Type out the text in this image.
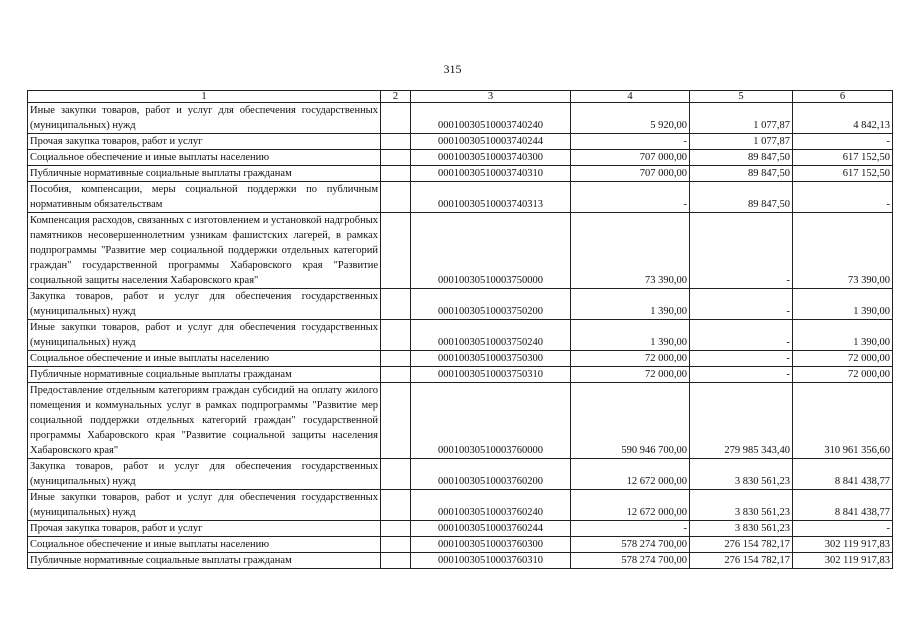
315
1	2	3	4	5	6
Иные закупки товаров, работ и услуг для обеспечения государственных (муниципальных) нужд		00010030510003740240	5 920,00	1 077,87	4 842,13
Прочая закупка товаров, работ и услуг		00010030510003740244	-	1 077,87	-
Социальное обеспечение и иные выплаты населению		00010030510003740300	707 000,00	89 847,50	617 152,50
Публичные нормативные социальные выплаты гражданам		00010030510003740310	707 000,00	89 847,50	617 152,50
Пособия, компенсации, меры социальной поддержки по публичным нормативным обязательствам		00010030510003740313	-	89 847,50	-
Компенсация расходов, связанных с изготовлением и установкой надгробных памятников несовершеннолетним узникам фашистских лагерей, в рамках подпрограммы "Развитие мер социальной поддержки отдельных категорий граждан" государственной программы Хабаровского края "Развитие социальной защиты населения Хабаровского края"		00010030510003750000	73 390,00	-	73 390,00
Закупка товаров, работ и услуг для обеспечения государственных (муниципальных) нужд		00010030510003750200	1 390,00	-	1 390,00
Иные закупки товаров, работ и услуг для обеспечения государственных (муниципальных) нужд		00010030510003750240	1 390,00	-	1 390,00
Социальное обеспечение и иные выплаты населению		00010030510003750300	72 000,00	-	72 000,00
Публичные нормативные социальные выплаты гражданам		00010030510003750310	72 000,00	-	72 000,00
Предоставление отдельным категориям граждан субсидий на оплату жилого помещения и коммунальных услуг в рамках подпрограммы "Развитие мер социальной поддержки отдельных категорий граждан" государственной программы Хабаровского края "Развитие социальной защиты населения Хабаровского края"		00010030510003760000	590 946 700,00	279 985 343,40	310 961 356,60
Закупка товаров, работ и услуг для обеспечения государственных (муниципальных) нужд		00010030510003760200	12 672 000,00	3 830 561,23	8 841 438,77
Иные закупки товаров, работ и услуг для обеспечения государственных (муниципальных) нужд		00010030510003760240	12 672 000,00	3 830 561,23	8 841 438,77
Прочая закупка товаров, работ и услуг		00010030510003760244	-	3 830 561,23	-
Социальное обеспечение и иные выплаты населению		00010030510003760300	578 274 700,00	276 154 782,17	302 119 917,83
Публичные нормативные социальные выплаты гражданам		00010030510003760310	578 274 700,00	276 154 782,17	302 119 917,83
